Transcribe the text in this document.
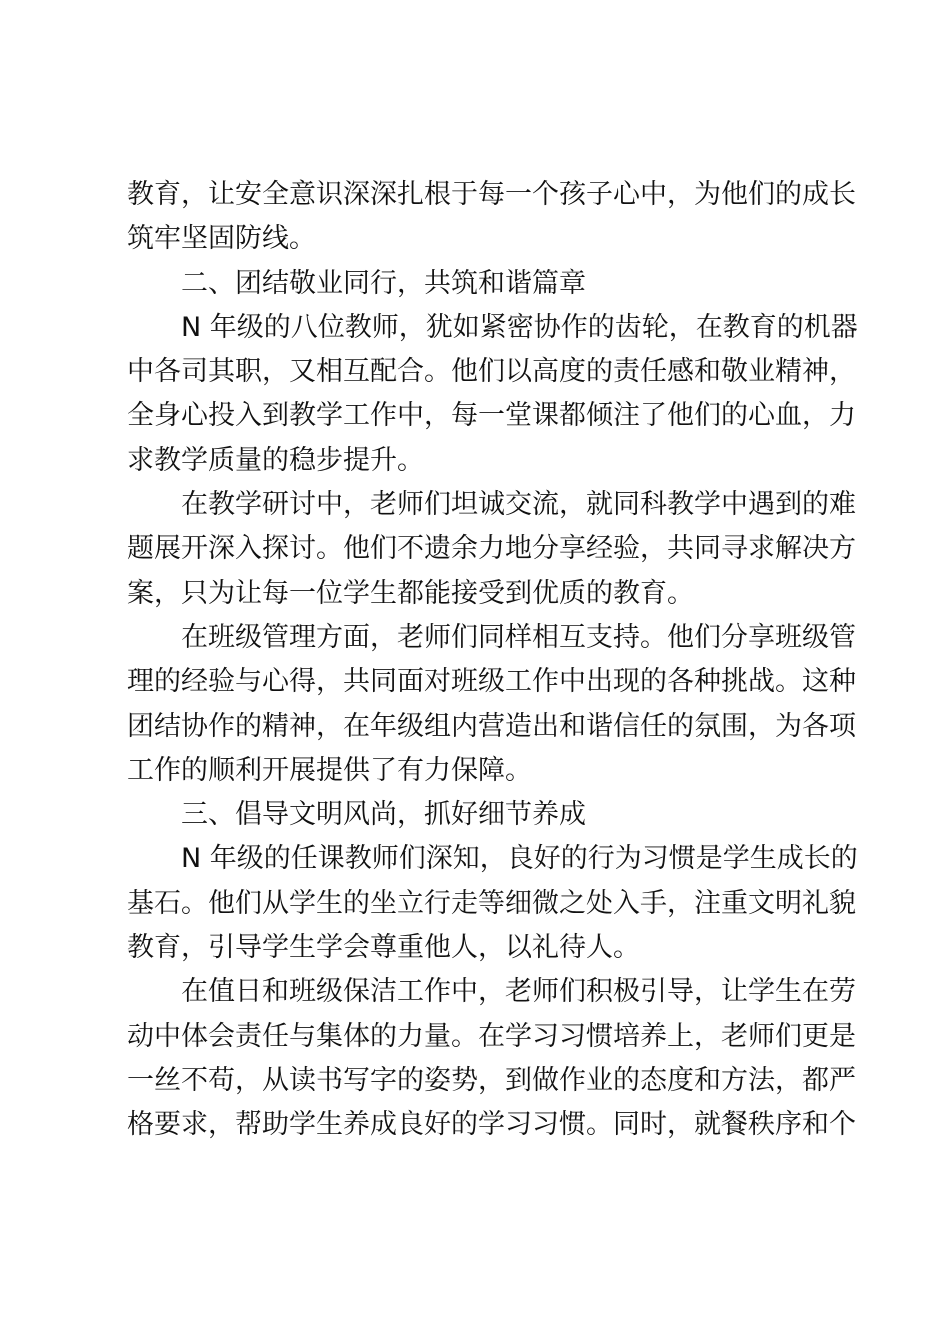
教育，让安全意识深深扎根于每一个孩子心中，为他们的成长
筑牢坚固防线。
二、团结敬业同行，共筑和谐篇章
N 年级的八位教师，犹如紧密协作的齿轮，在教育的机器
中各司其职，又相互配合。他们以高度的责任感和敬业精神，
全身心投入到教学工作中，每一堂课都倾注了他们的心血，力
求教学质量的稳步提升。
在教学研讨中，老师们坦诚交流，就同科教学中遇到的难
题展开深入探讨。他们不遗余力地分享经验，共同寻求解决方
案，只为让每一位学生都能接受到优质的教育。
在班级管理方面，老师们同样相互支持。他们分享班级管
理的经验与心得，共同面对班级工作中出现的各种挑战。这种
团结协作的精神，在年级组内营造出和谐信任的氛围，为各项
工作的顺利开展提供了有力保障。
三、倡导文明风尚，抓好细节养成
N 年级的任课教师们深知，良好的行为习惯是学生成长的
基石。他们从学生的坐立行走等细微之处入手，注重文明礼貌
教育，引导学生学会尊重他人，以礼待人。
在值日和班级保洁工作中，老师们积极引导，让学生在劳
动中体会责任与集体的力量。在学习习惯培养上，老师们更是
一丝不苟，从读书写字的姿势，到做作业的态度和方法，都严
格要求，帮助学生养成良好的学习习惯。同时，就餐秩序和个
